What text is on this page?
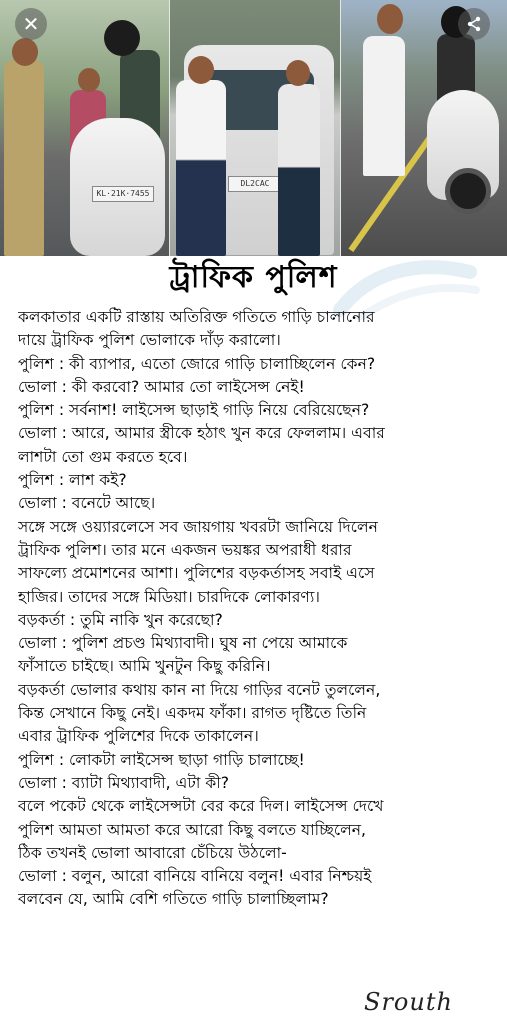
KL·21K·7455
DL2CAC
✕
ট্রাফিক পুলিশ
কলকাতার একটি রাস্তায় অতিরিক্ত গতিতে গাড়ি চালানোর
দায়ে ট্রাফিক পুলিশ ভোলাকে দাঁড় করালো।
পুলিশ : কী ব্যাপার, এতো জোরে গাড়ি চালাচ্ছিলেন কেন?
ভোলা : কী করবো? আমার তো লাইসেন্স নেই!
পুলিশ : সর্বনাশ! লাইসেন্স ছাড়াই গাড়ি নিয়ে বেরিয়েছেন?
ভোলা : আরে, আমার স্ত্রীকে হঠাৎ খুন করে ফেললাম। এবার
লাশটা তো গুম করতে হবে।
পুলিশ : লাশ কই?
ভোলা : বনেটে আছে।
সঙ্গে সঙ্গে ওয়্যারলেসে সব জায়গায় খবরটা জানিয়ে দিলেন
ট্রাফিক পুলিশ। তার মনে একজন ভয়ঙ্কর অপরাধী ধরার
সাফল্যে প্রমোশনের আশা। পুলিশের বড়কর্তাসহ সবাই এসে
হাজির। তাদের সঙ্গে মিডিয়া। চারদিকে লোকারণ্য।
বড়কর্তা : তুমি নাকি খুন করেছো?
ভোলা : পুলিশ প্রচণ্ড মিথ্যাবাদী। ঘুষ না পেয়ে আমাকে
ফাঁসাতে চাইছে। আমি খুনটুন কিছু করিনি।
বড়কর্তা ভোলার কথায় কান না দিয়ে গাড়ির বনেট তুললেন,
কিন্ত সেখানে কিছু নেই। একদম ফাঁকা। রাগত দৃষ্টিতে তিনি
এবার ট্রাফিক পুলিশের দিকে তাকালেন।
পুলিশ : লোকটা লাইসেন্স ছাড়া গাড়ি চালাচ্ছে!
ভোলা : ব্যাটা মিথ্যাবাদী, এটা কী?
বলে পকেট থেকে লাইসেন্সটা বের করে দিল। লাইসেন্স দেখে
পুলিশ আমতা আমতা করে আরো কিছু বলতে যাচ্ছিলেন,
ঠিক তখনই ভোলা আবারো চেঁচিয়ে উঠলো-
ভোলা : বলুন, আরো বানিয়ে বানিয়ে বলুন! এবার নিশ্চয়ই
বলবেন যে, আমি বেশি গতিতে গাড়ি চালাচ্ছিলাম?
Srouth
